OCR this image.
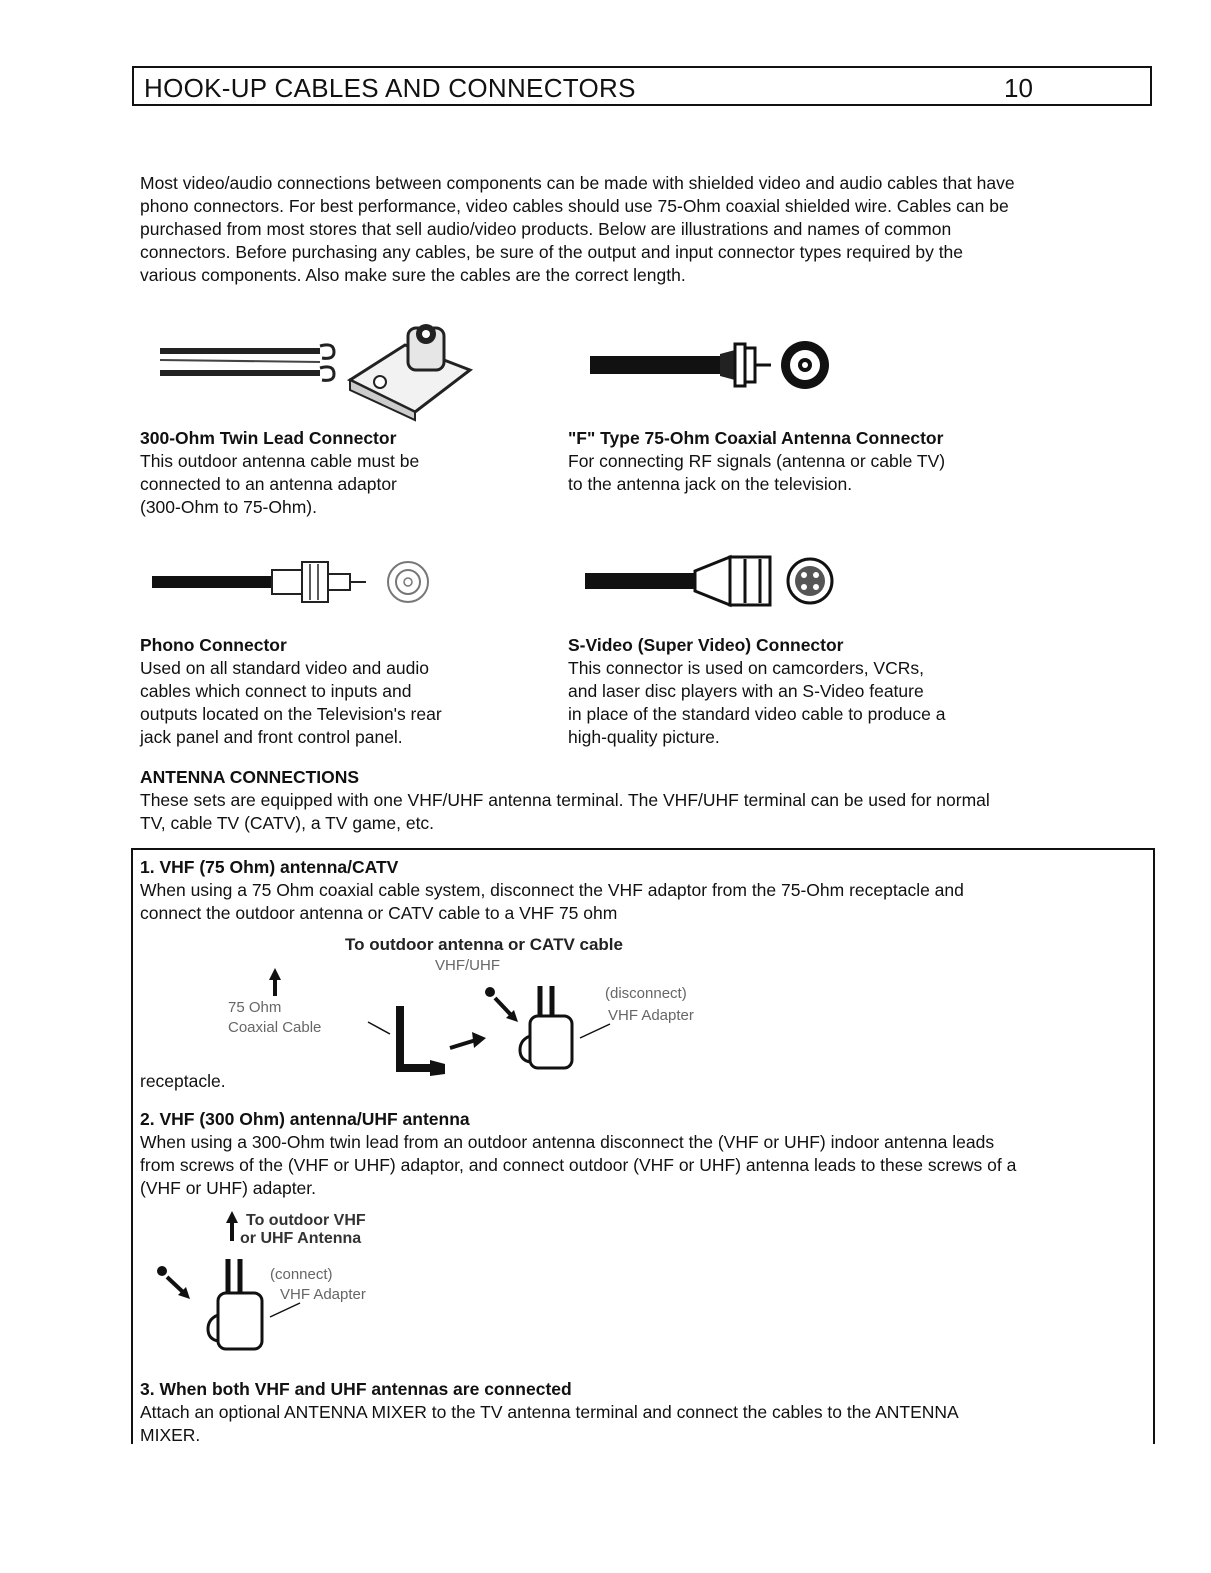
HOOK-UP CABLES AND CONNECTORS	10
Most video/audio connections between components can be made with shielded video and audio cables that have
phono connectors. For best performance, video cables should use 75-Ohm coaxial shielded wire. Cables can be
purchased from most stores that sell audio/video products. Below are illustrations and names of common
connectors. Before purchasing any cables, be sure of the output and input connector types required by the
various components. Also make sure the cables are the correct length.
300-Ohm Twin Lead Connector
This outdoor antenna cable must be
connected to an antenna adaptor
(300-Ohm to 75-Ohm).
"F" Type 75-Ohm Coaxial Antenna Connector
For connecting RF signals (antenna or cable TV)
to the antenna jack on the television.
Phono Connector
Used on all standard video and audio
cables which connect to inputs and
outputs located on the Television's rear
jack panel and front control panel.
S-Video (Super Video) Connector
This connector is used on camcorders, VCRs,
and laser disc players with an S-Video feature
in place of the standard video cable to produce a
high-quality picture.
ANTENNA CONNECTIONS
These sets are equipped with one VHF/UHF antenna terminal. The VHF/UHF terminal can be used for normal
TV, cable TV (CATV), a TV game, etc.
1. VHF (75 Ohm) antenna/CATV
When using a 75 Ohm coaxial cable system, disconnect the VHF adaptor from the 75-Ohm receptacle and
connect the outdoor antenna or CATV cable to a VHF 75 ohm
To outdoor antenna or CATV cable
VHF/UHF
75 Ohm
Coaxial Cable
(disconnect)
VHF Adapter
receptacle.
2. VHF (300 Ohm) antenna/UHF antenna
When using a 300-Ohm twin lead from an outdoor antenna disconnect the (VHF or UHF) indoor antenna leads
from screws of the (VHF or UHF) adaptor, and connect outdoor (VHF or UHF) antenna leads to these screws of a
(VHF or UHF) adapter.
To outdoor VHF
or UHF Antenna
(connect)
VHF Adapter
3. When both VHF and UHF antennas are connected
Attach an optional ANTENNA MIXER to the TV antenna terminal and connect the cables to the ANTENNA
MIXER.
